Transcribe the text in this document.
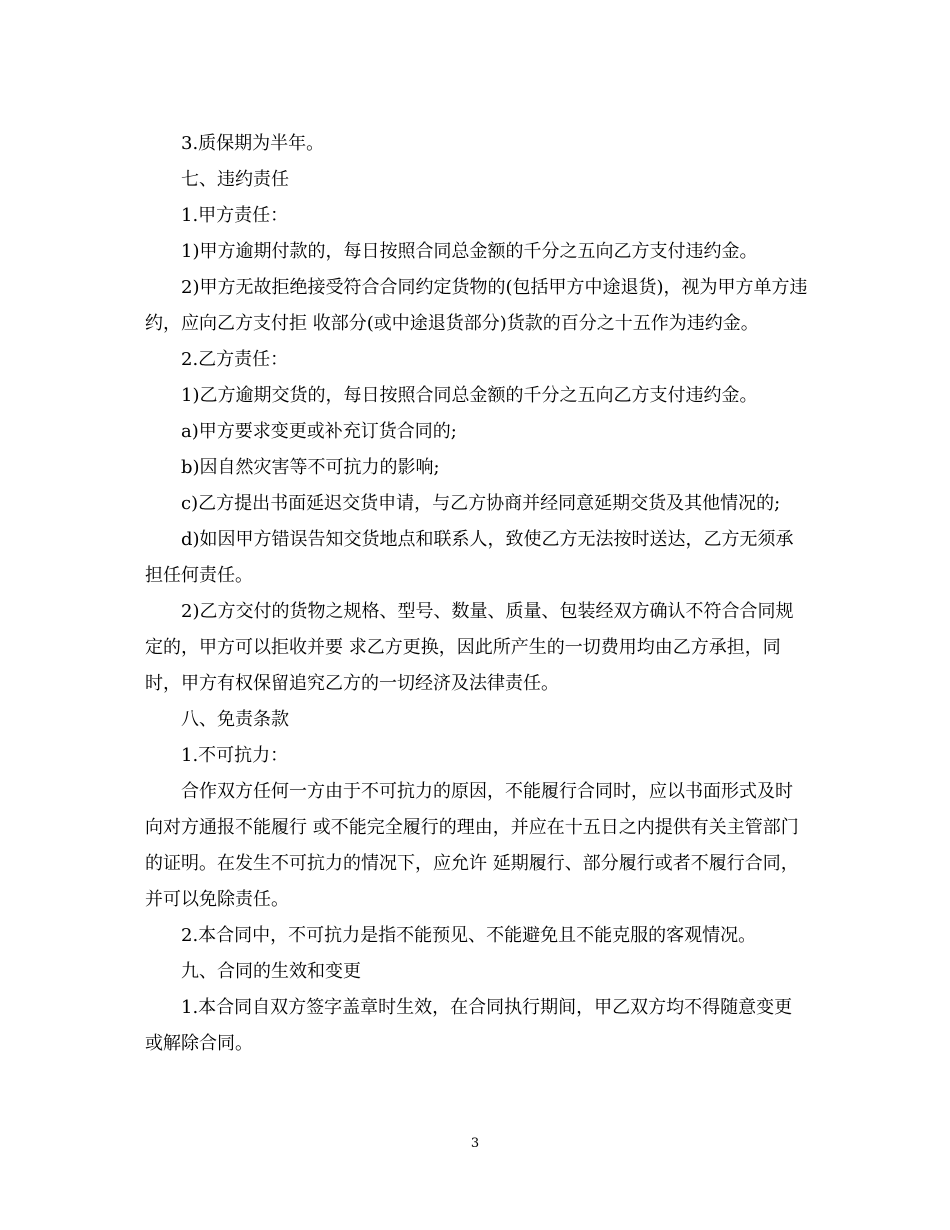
3.质保期为半年。

七、违约责任

1.甲方责任：

1)甲方逾期付款的，每日按照合同总金额的千分之五向乙方支付违约金。

2)甲方无故拒绝接受符合合同约定货物的(包括甲方中途退货)，视为甲方单方违约，应向乙方支付拒 收部分(或中途退货部分)货款的百分之十五作为违约金。

2.乙方责任：

1)乙方逾期交货的，每日按照合同总金额的千分之五向乙方支付违约金。

a)甲方要求变更或补充订货合同的;

b)因自然灾害等不可抗力的影响;

c)乙方提出书面延迟交货申请，与乙方协商并经同意延期交货及其他情况的;

d)如因甲方错误告知交货地点和联系人，致使乙方无法按时送达，乙方无须承担任何责任。

2)乙方交付的货物之规格、型号、数量、质量、包装经双方确认不符合合同规定的，甲方可以拒收并要 求乙方更换，因此所产生的一切费用均由乙方承担，同时，甲方有权保留追究乙方的一切经济及法律责任。

八、免责条款

1.不可抗力：

合作双方任何一方由于不可抗力的原因，不能履行合同时，应以书面形式及时向对方通报不能履行 或不能完全履行的理由，并应在十五日之内提供有关主管部门的证明。在发生不可抗力的情况下，应允许 延期履行、部分履行或者不履行合同，并可以免除责任。

2.本合同中，不可抗力是指不能预见、不能避免且不能克服的客观情况。

九、合同的生效和变更

1.本合同自双方签字盖章时生效，在合同执行期间，甲乙双方均不得随意变更或解除合同。

3
